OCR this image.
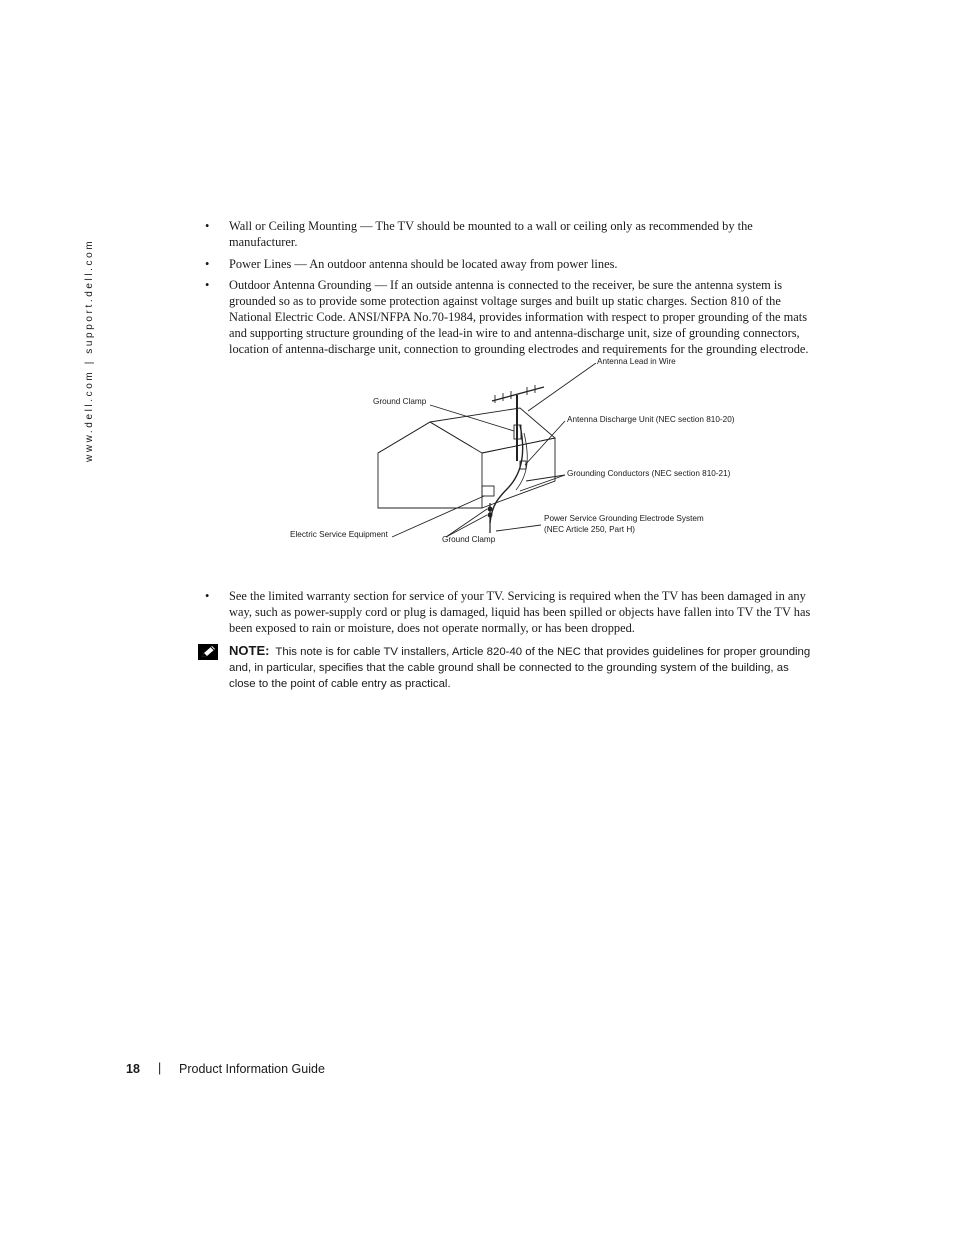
www.dell.com | support.dell.com
• Wall or Ceiling Mounting — The TV should be mounted to a wall or ceiling only as recommended by the manufacturer.
• Power Lines — An outdoor antenna should be located away from power lines.
• Outdoor Antenna Grounding — If an outside antenna is connected to the receiver, be sure the antenna system is grounded so as to provide some protection against voltage surges and built up static charges. Section 810 of the National Electric Code. ANSI/NFPA No.70-1984, provides information with respect to proper grounding of the mats and supporting structure grounding of the lead-in wire to and antenna-discharge unit, size of grounding connectors, location of antenna-discharge unit, connection to grounding electrodes and requirements for the grounding electrode.
Antenna Lead in Wire
Ground Clamp
Antenna Discharge Unit (NEC section 810-20)
Grounding Conductors (NEC section 810-21)
Power Service Grounding Electrode System
(NEC Article 250, Part H)
Electric Service Equipment
Ground Clamp
• See the limited warranty section for service of your TV. Servicing is required when the TV has been damaged in any way, such as power-supply cord or plug is damaged, liquid has been spilled or objects have fallen into TV the TV has been exposed to rain or moisture, does not operate normally, or has been dropped.
NOTE: This note is for cable TV installers, Article 820-40 of the NEC that provides guidelines for proper grounding and, in particular, specifies that the cable ground shall be connected to the grounding system of the building, as close to the point of cable entry as practical.
18 | Product Information Guide
